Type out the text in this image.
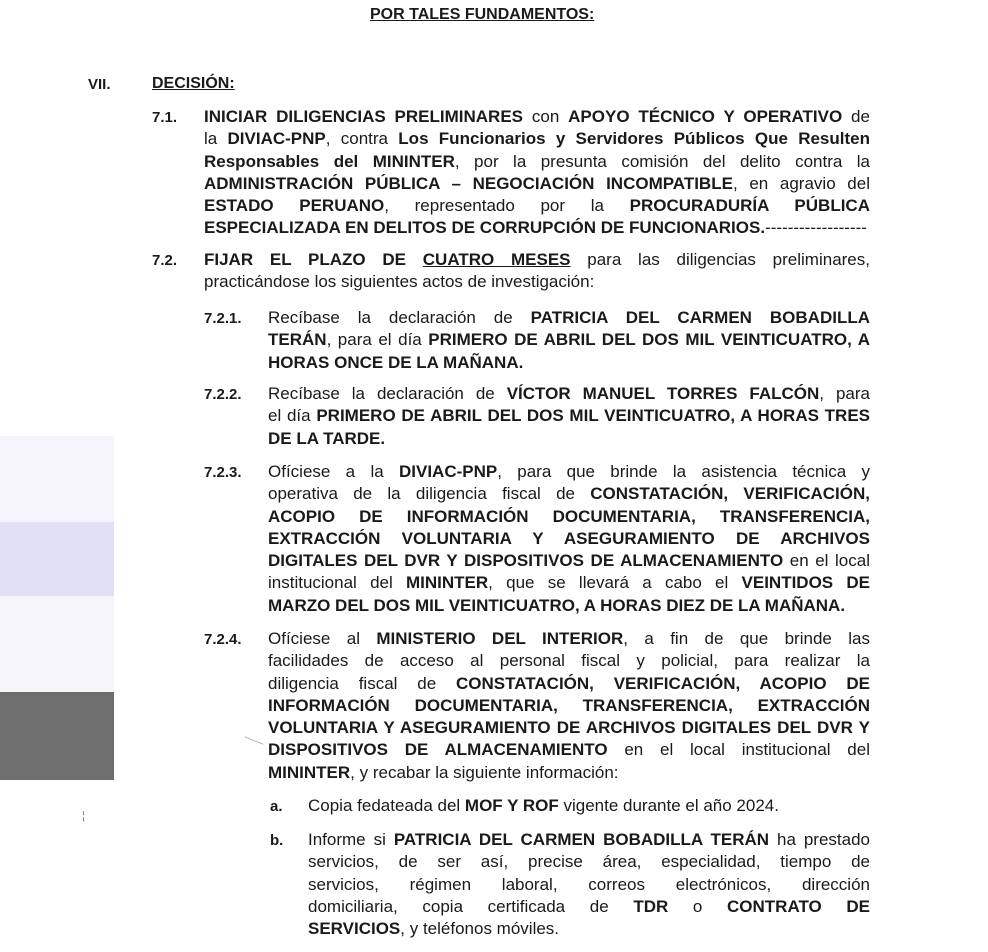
¦
POR TALES FUNDAMENTOS:
VII.	DECISIÓN:
7.1. INICIAR DILIGENCIAS PRELIMINARES con APOYO TÉCNICO Y OPERATIVO de
la DIVIAC-PNP, contra Los Funcionarios y Servidores Públicos Que Resulten
Responsables del MININTER, por la presunta comisión del delito contra la
ADMINISTRACIÓN PÚBLICA – NEGOCIACIÓN INCOMPATIBLE, en agravio del
ESTADO PERUANO, representado por la PROCURADURÍA PÚBLICA
ESPECIALIZADA EN DELITOS DE CORRUPCIÓN DE FUNCIONARIOS.------------------
7.2. FIJAR EL PLAZO DE CUATRO MESES para las diligencias preliminares,
practicándose los siguientes actos de investigación:
7.2.1. Recíbase la declaración de PATRICIA DEL CARMEN BOBADILLA
TERÁN, para el día PRIMERO DE ABRIL DEL DOS MIL VEINTICUATRO, A
HORAS ONCE DE LA MAÑANA.
7.2.2. Recíbase la declaración de VÍCTOR MANUEL TORRES FALCÓN, para
el día PRIMERO DE ABRIL DEL DOS MIL VEINTICUATRO, A HORAS TRES
DE LA TARDE.
7.2.3. Ofíciese a la DIVIAC-PNP, para que brinde la asistencia técnica y
operativa de la diligencia fiscal de CONSTATACIÓN, VERIFICACIÓN,
ACOPIO DE INFORMACIÓN DOCUMENTARIA, TRANSFERENCIA,
EXTRACCIÓN VOLUNTARIA Y ASEGURAMIENTO DE ARCHIVOS
DIGITALES DEL DVR Y DISPOSITIVOS DE ALMACENAMIENTO en el local
institucional del MININTER, que se llevará a cabo el VEINTIDOS DE
MARZO DEL DOS MIL VEINTICUATRO, A HORAS DIEZ DE LA MAÑANA.
7.2.4. Ofíciese al MINISTERIO DEL INTERIOR, a fin de que brinde las
facilidades de acceso al personal fiscal y policial, para realizar la
diligencia fiscal de CONSTATACIÓN, VERIFICACIÓN, ACOPIO DE
INFORMACIÓN DOCUMENTARIA, TRANSFERENCIA, EXTRACCIÓN
VOLUNTARIA Y ASEGURAMIENTO DE ARCHIVOS DIGITALES DEL DVR Y
DISPOSITIVOS DE ALMACENAMIENTO en el local institucional del
MININTER, y recabar la siguiente información:
a. Copia fedateada del MOF Y ROF vigente durante el año 2024.
b. Informe si PATRICIA DEL CARMEN BOBADILLA TERÁN ha prestado
servicios, de ser así, precise área, especialidad, tiempo de
servicios, régimen laboral, correos electrónicos, dirección
domiciliaria, copia certificada de TDR o CONTRATO DE
SERVICIOS, y teléfonos móviles.
